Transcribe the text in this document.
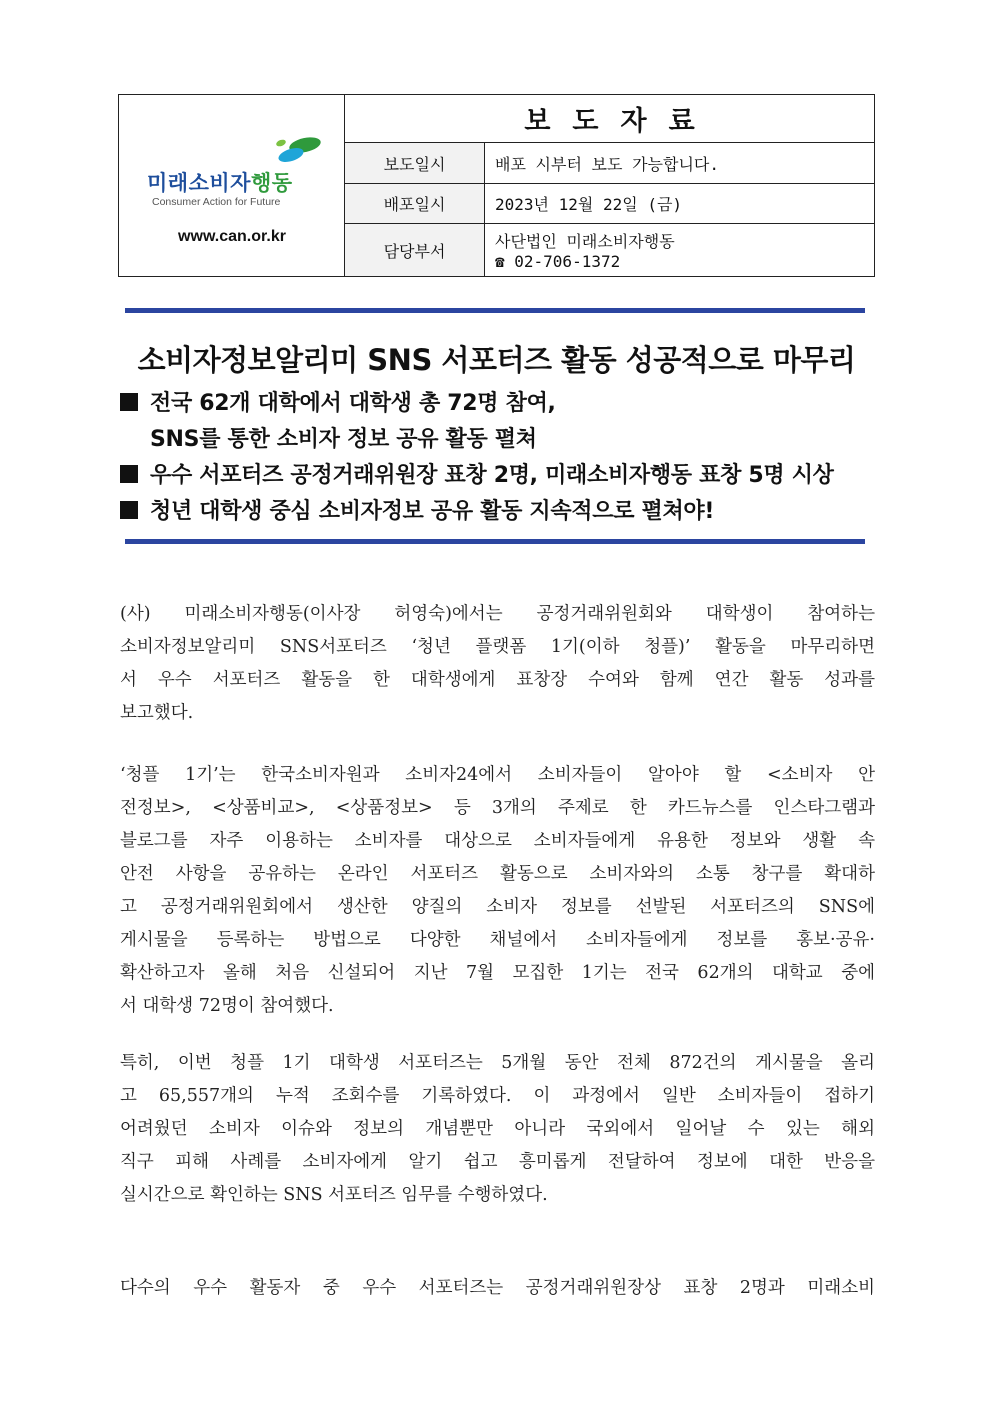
미래소비자행동
Consumer Action for Future
www.can.or.kr
보도자료
보도일시	배포 시부터 보도 가능합니다.
배포일시	2023년 12월 22일 (금)
담당부서	사단법인 미래소비자행동
☎ 02-706-1372
소비자정보알리미 SNS 서포터즈 활동 성공적으로 마무리
전국 62개 대학에서 대학생 총 72명 참여,
SNS를 통한 소비자 정보 공유 활동 펼쳐
우수 서포터즈 공정거래위원장 표창 2명, 미래소비자행동 표창 5명 시상
청년 대학생 중심 소비자정보 공유 활동 지속적으로 펼쳐야!

(사) 미래소비자행동(이사장 허영숙)에서는 공정거래위원회와 대학생이 참여하는

소비자정보알리미 SNS서포터즈 ‘청년 플랫폼 1기(이하 청플)’ 활동을 마무리하면

서 우수 서포터즈 활동을 한 대학생에게 표창장 수여와 함께 연간 활동 성과를

보고했다.

‘청플 1기’는 한국소비자원과 소비자24에서 소비자들이 알아야 할 <소비자 안

전정보>, <상품비교>, <상품정보> 등 3개의 주제로 한 카드뉴스를 인스타그램과

블로그를 자주 이용하는 소비자를 대상으로 소비자들에게 유용한 정보와 생활 속

안전 사항을 공유하는 온라인 서포터즈 활동으로 소비자와의 소통 창구를 확대하

고 공정거래위원회에서 생산한 양질의 소비자 정보를 선발된 서포터즈의 SNS에

게시물을 등록하는 방법으로 다양한 채널에서 소비자들에게 정보를 홍보·공유·

확산하고자 올해 처음 신설되어 지난 7월 모집한 1기는 전국 62개의 대학교 중에

서 대학생 72명이 참여했다.

특히, 이번 청플 1기 대학생 서포터즈는 5개월 동안 전체 872건의 게시물을 올리

고 65,557개의 누적 조회수를 기록하였다. 이 과정에서 일반 소비자들이 접하기

어려웠던 소비자 이슈와 정보의 개념뿐만 아니라 국외에서 일어날 수 있는 해외

직구 피해 사례를 소비자에게 알기 쉽고 흥미롭게 전달하여 정보에 대한 반응을

실시간으로 확인하는 SNS 서포터즈 임무를 수행하였다.

다수의 우수 활동자 중 우수 서포터즈는 공정거래위원장상 표창 2명과 미래소비
